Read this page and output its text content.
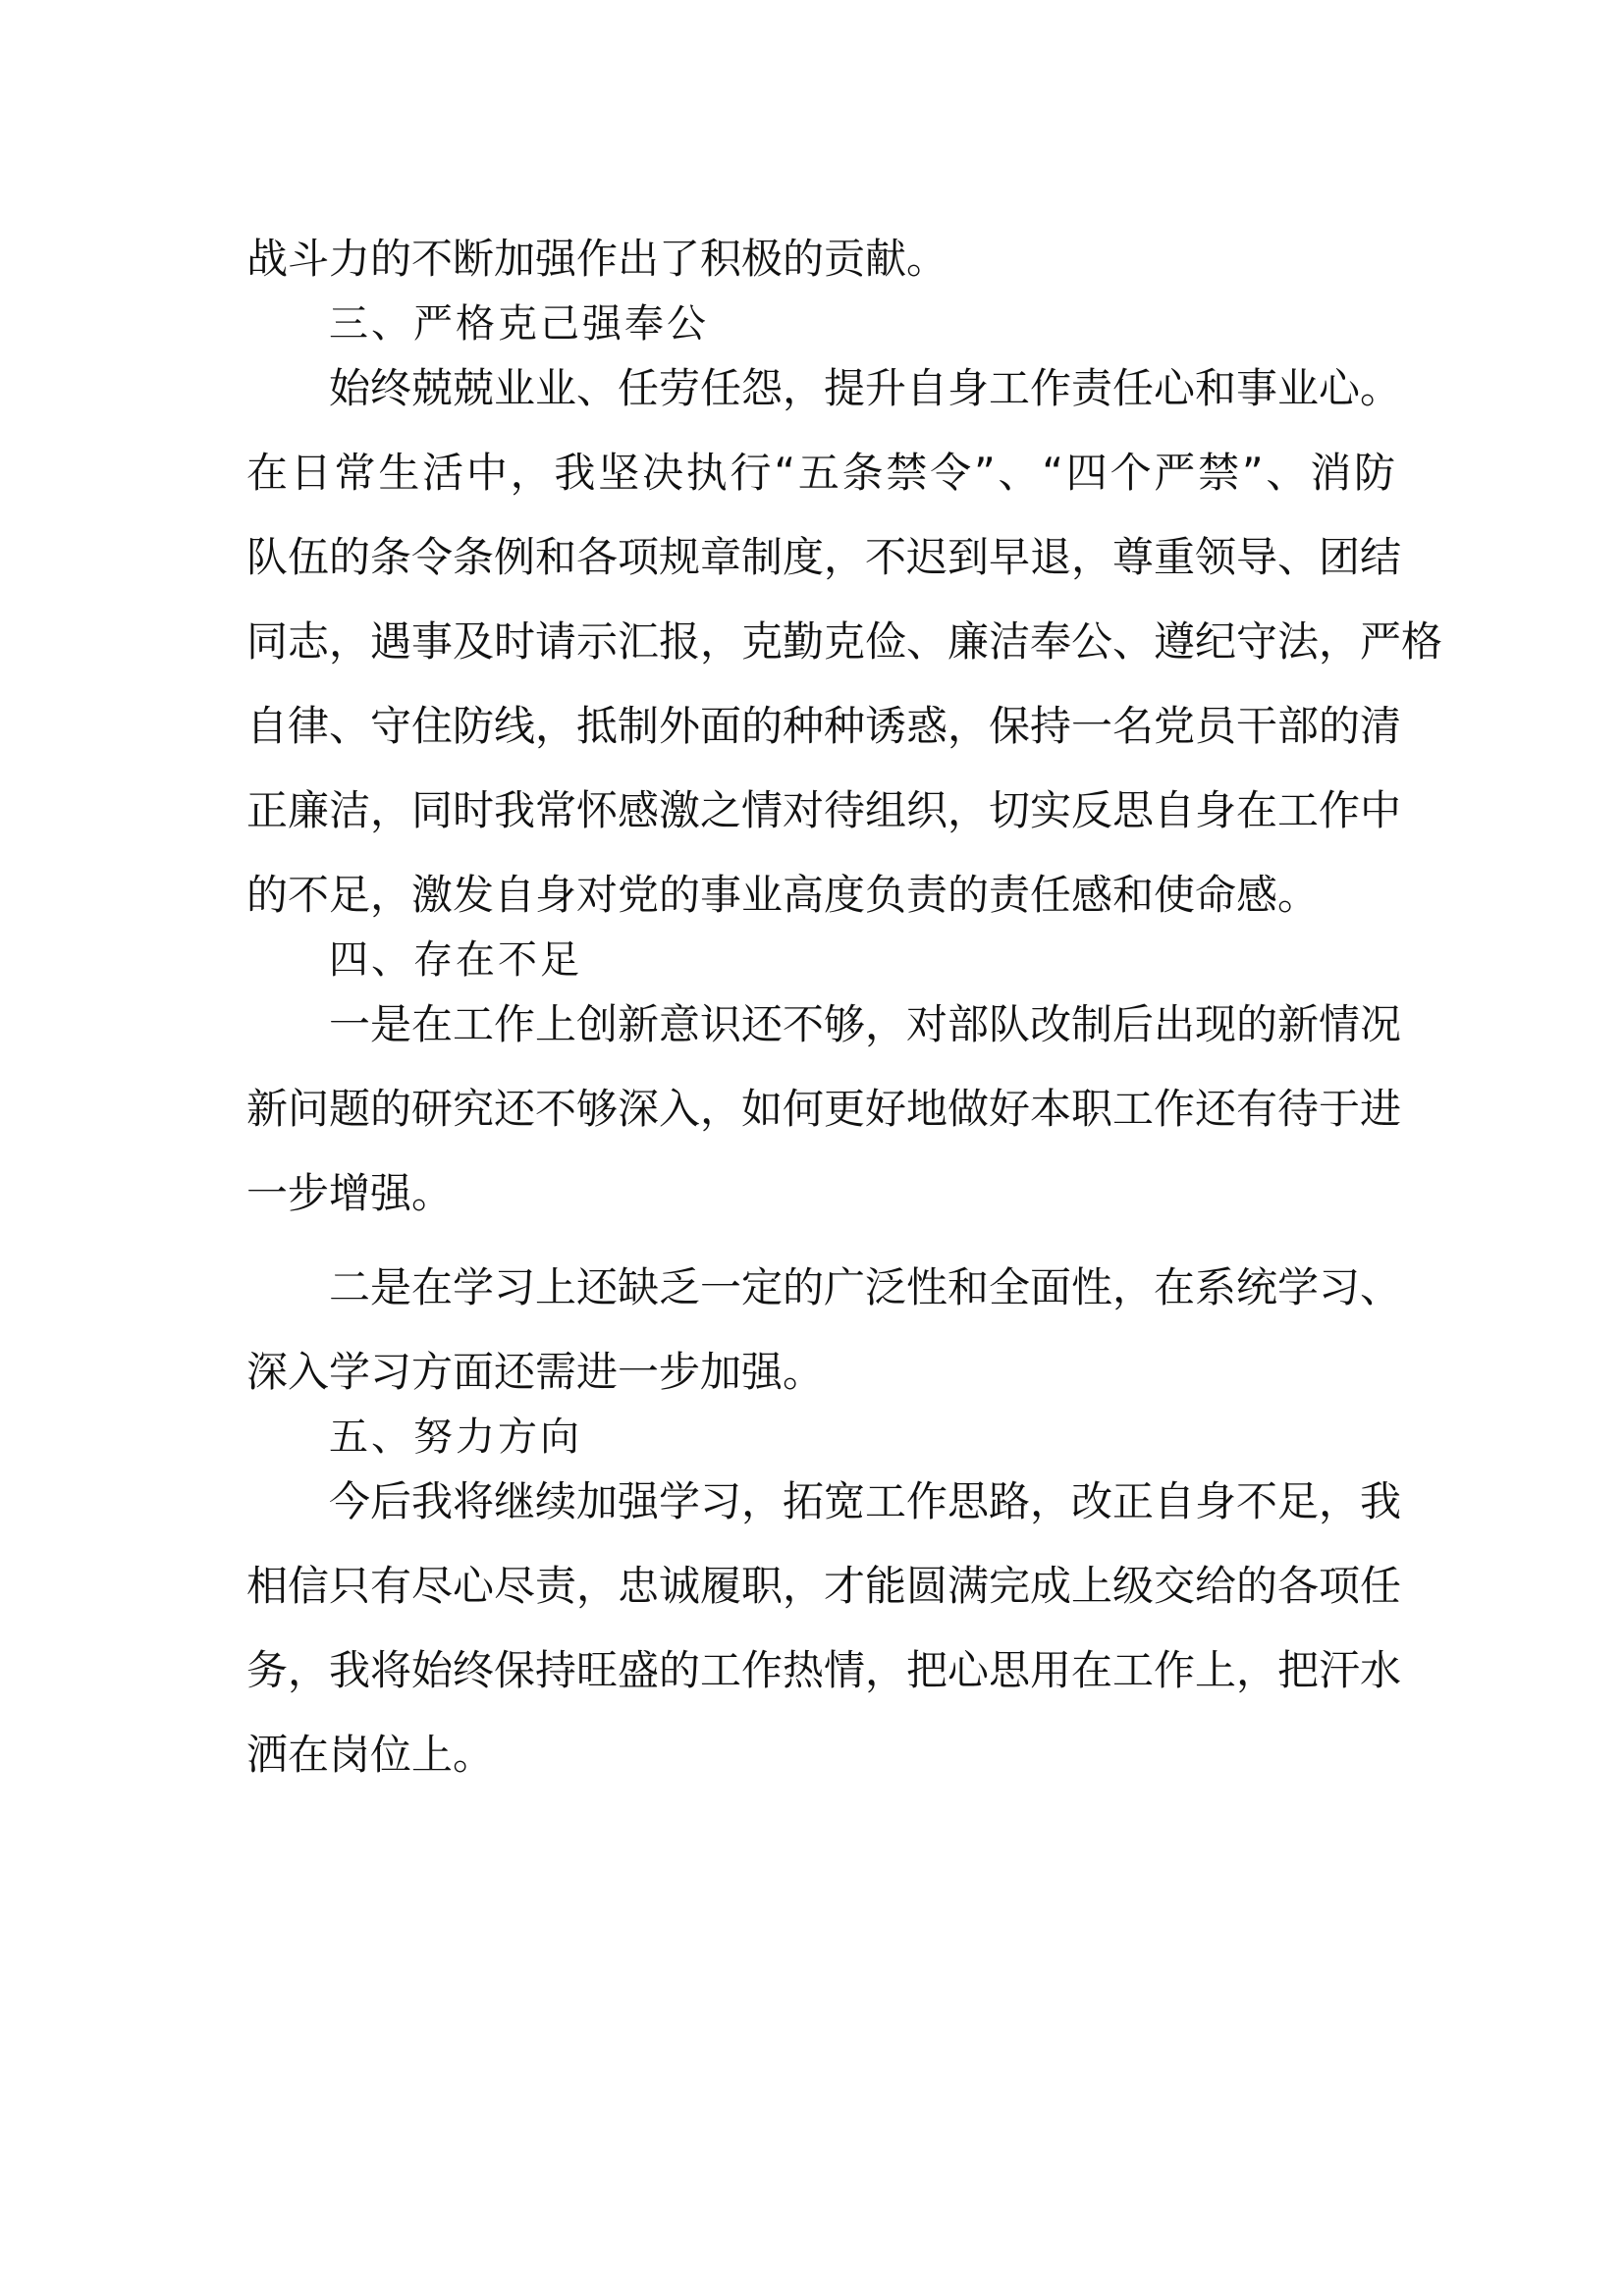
战斗力的不断加强作出了积极的贡献。
三、严格克己强奉公
始终兢兢业业、任劳任怨，提升自身工作责任心和事业心。
在日常生活中，我坚决执行“五条禁令”、“四个严禁”、消防
队伍的条令条例和各项规章制度，不迟到早退，尊重领导、团结
同志，遇事及时请示汇报，克勤克俭、廉洁奉公、遵纪守法，严格
自律、守住防线，抵制外面的种种诱惑，保持一名党员干部的清
正廉洁，同时我常怀感激之情对待组织，切实反思自身在工作中
的不足，激发自身对党的事业高度负责的责任感和使命感。
四、存在不足
一是在工作上创新意识还不够，对部队改制后出现的新情况
新问题的研究还不够深入，如何更好地做好本职工作还有待于进
一步增强。
二是在学习上还缺乏一定的广泛性和全面性，在系统学习、
深入学习方面还需进一步加强。
五、努力方向
今后我将继续加强学习，拓宽工作思路，改正自身不足，我
相信只有尽心尽责，忠诚履职，才能圆满完成上级交给的各项任
务，我将始终保持旺盛的工作热情，把心思用在工作上，把汗水
洒在岗位上。
